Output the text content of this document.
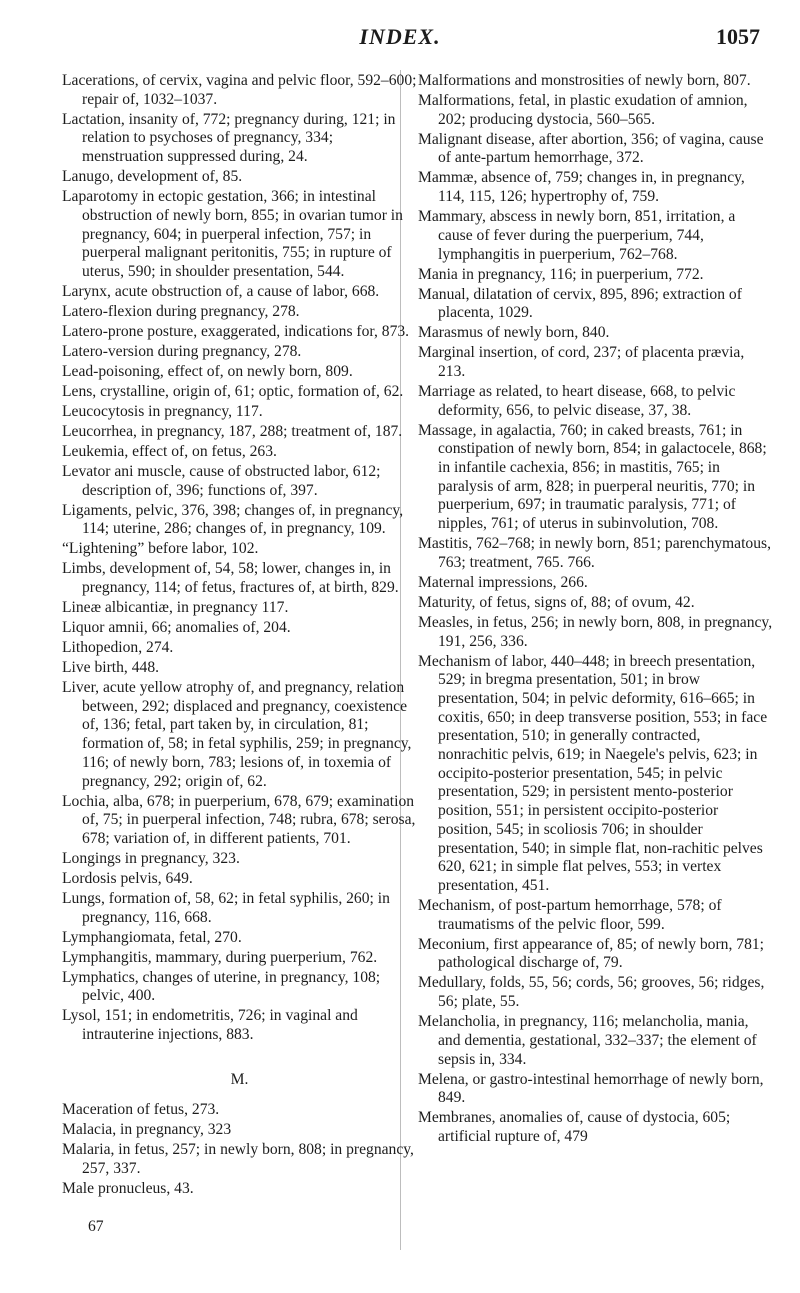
INDEX.	1057

Lacerations, of cervix, vagina and pelvic floor, 592–600; repair of, 1032–1037.

Lactation, insanity of, 772; pregnancy during, 121; in relation to psychoses of pregnancy, 334; menstruation suppressed during, 24.

Lanugo, development of, 85.

Laparotomy in ectopic gestation, 366; in intestinal obstruction of newly born, 855; in ovarian tumor in pregnancy, 604; in puerperal infection, 757; in puerperal malignant peritonitis, 755; in rupture of uterus, 590; in shoulder presentation, 544.

Larynx, acute obstruction of, a cause of labor, 668.

Latero-flexion during pregnancy, 278.

Latero-prone posture, exaggerated, indications for, 873.

Latero-version during pregnancy, 278.

Lead-poisoning, effect of, on newly born, 809.

Lens, crystalline, origin of, 61; optic, formation of, 62.

Leucocytosis in pregnancy, 117.

Leucorrhea, in pregnancy, 187, 288; treatment of, 187.

Leukemia, effect of, on fetus, 263.

Levator ani muscle, cause of obstructed labor, 612; description of, 396; functions of, 397.

Ligaments, pelvic, 376, 398; changes of, in pregnancy, 114; uterine, 286; changes of, in pregnancy, 109.

“Lightening” before labor, 102.

Limbs, development of, 54, 58; lower, changes in, in pregnancy, 114; of fetus, fractures of, at birth, 829.

Lineæ albicantiæ, in pregnancy 117.

Liquor amnii, 66; anomalies of, 204.

Lithopedion, 274.

Live birth, 448.

Liver, acute yellow atrophy of, and pregnancy, relation between, 292; displaced and pregnancy, coexistence of, 136; fetal, part taken by, in circulation, 81; formation of, 58; in fetal syphilis, 259; in pregnancy, 116; of newly born, 783; lesions of, in toxemia of pregnancy, 292; origin of, 62.

Lochia, alba, 678; in puerperium, 678, 679; examination of, 75; in puerperal infection, 748; rubra, 678; serosa, 678; variation of, in different patients, 701.

Longings in pregnancy, 323.

Lordosis pelvis, 649.

Lungs, formation of, 58, 62; in fetal syphilis, 260; in pregnancy, 116, 668.

Lymphangiomata, fetal, 270.

Lymphangitis, mammary, during puerperium, 762.

Lymphatics, changes of uterine, in pregnancy, 108; pelvic, 400.

Lysol, 151; in endometritis, 726; in vaginal and intrauterine injections, 883.

M.

Maceration of fetus, 273.

Malacia, in pregnancy, 323

Malaria, in fetus, 257; in newly born, 808; in pregnancy, 257, 337.

Male pronucleus, 43.

67

Malformations and monstrosities of newly born, 807.

Malformations, fetal, in plastic exudation of amnion, 202; producing dystocia, 560–565.

Malignant disease, after abortion, 356; of vagina, cause of ante-partum hemorrhage, 372.

Mammæ, absence of, 759; changes in, in pregnancy, 114, 115, 126; hypertrophy of, 759.

Mammary, abscess in newly born, 851, irritation, a cause of fever during the puerperium, 744, lymphangitis in puerperium, 762–768.

Mania in pregnancy, 116; in puerperium, 772.

Manual, dilatation of cervix, 895, 896; extraction of placenta, 1029.

Marasmus of newly born, 840.

Marginal insertion, of cord, 237; of placenta prævia, 213.

Marriage as related, to heart disease, 668, to pelvic deformity, 656, to pelvic disease, 37, 38.

Massage, in agalactia, 760; in caked breasts, 761; in constipation of newly born, 854; in galactocele, 868; in infantile cachexia, 856; in mastitis, 765; in paralysis of arm, 828; in puerperal neuritis, 770; in puerperium, 697; in traumatic paralysis, 771; of nipples, 761; of uterus in subinvolution, 708.

Mastitis, 762–768; in newly born, 851; parenchymatous, 763; treatment, 765. 766.

Maternal impressions, 266.

Maturity, of fetus, signs of, 88; of ovum, 42.

Measles, in fetus, 256; in newly born, 808, in pregnancy, 191, 256, 336.

Mechanism of labor, 440–448; in breech presentation, 529; in bregma presentation, 501; in brow presentation, 504; in pelvic deformity, 616–665; in coxitis, 650; in deep transverse position, 553; in face presentation, 510; in generally contracted, nonrachitic pelvis, 619; in Naegele's pelvis, 623; in occipito-posterior presentation, 545; in pelvic presentation, 529; in persistent mento-posterior position, 551; in persistent occipito-posterior position, 545; in scoliosis 706; in shoulder presentation, 540; in simple flat, non-rachitic pelves 620, 621; in simple flat pelves, 553; in vertex presentation, 451.

Mechanism, of post-partum hemorrhage, 578; of traumatisms of the pelvic floor, 599.

Meconium, first appearance of, 85; of newly born, 781; pathological discharge of, 79.

Medullary, folds, 55, 56; cords, 56; grooves, 56; ridges, 56; plate, 55.

Melancholia, in pregnancy, 116; melancholia, mania, and dementia, gestational, 332–337; the element of sepsis in, 334.

Melena, or gastro-intestinal hemorrhage of newly born, 849.

Membranes, anomalies of, cause of dystocia, 605; artificial rupture of, 479
